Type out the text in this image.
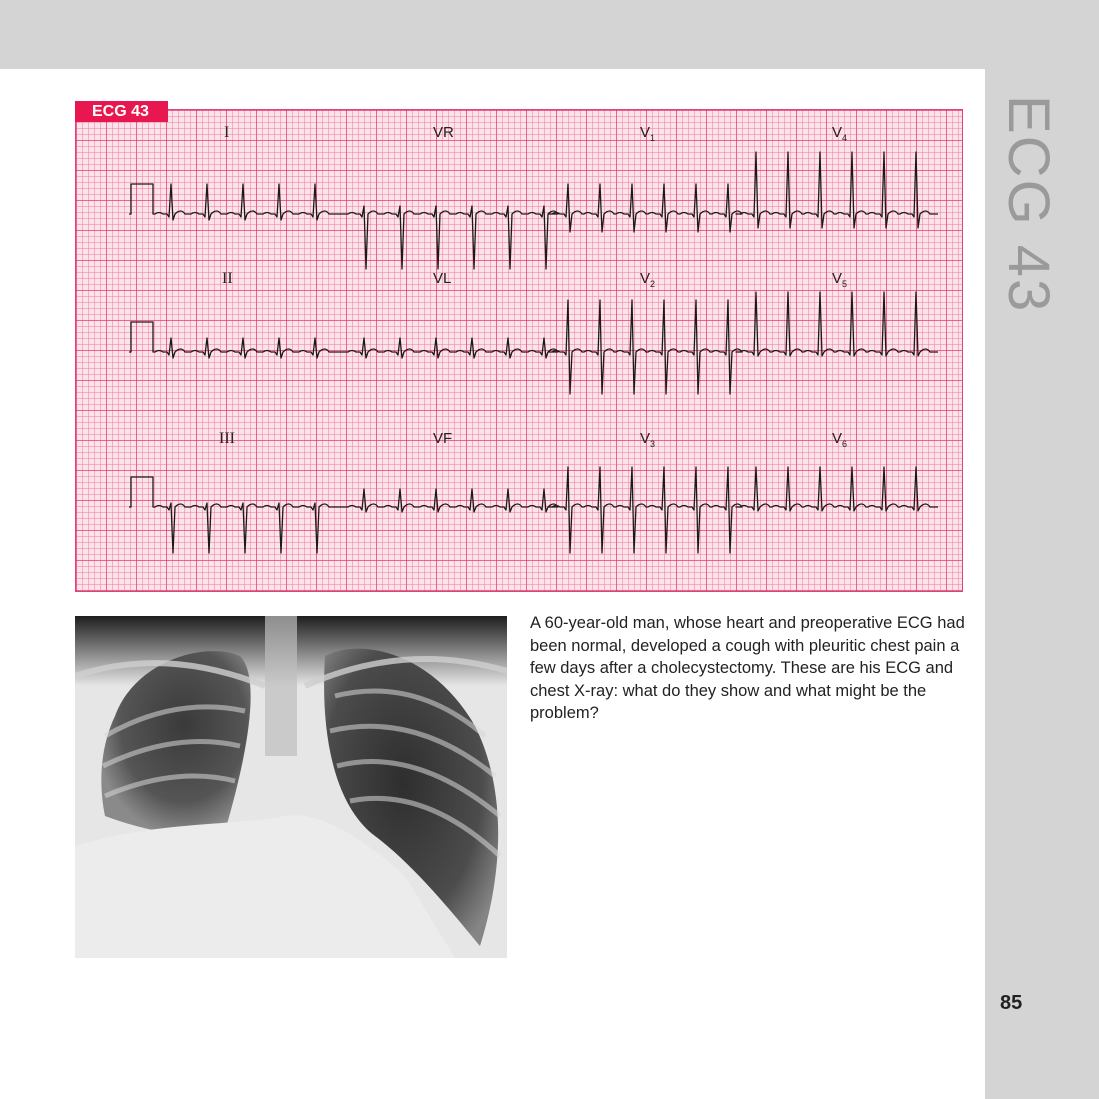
ECG 43
85
I	VR	$V_1$	$V_4$
II	VL	$V_2$	$V_5$
III	VF	$V_3$	$V_6$
ECG 43
A 60-year-old man, whose heart and preoperative ECG had been normal, developed a cough with pleuritic chest pain a few days after a cholecystectomy. These are his ECG and chest X-ray: what do they show and what might be the problem?
